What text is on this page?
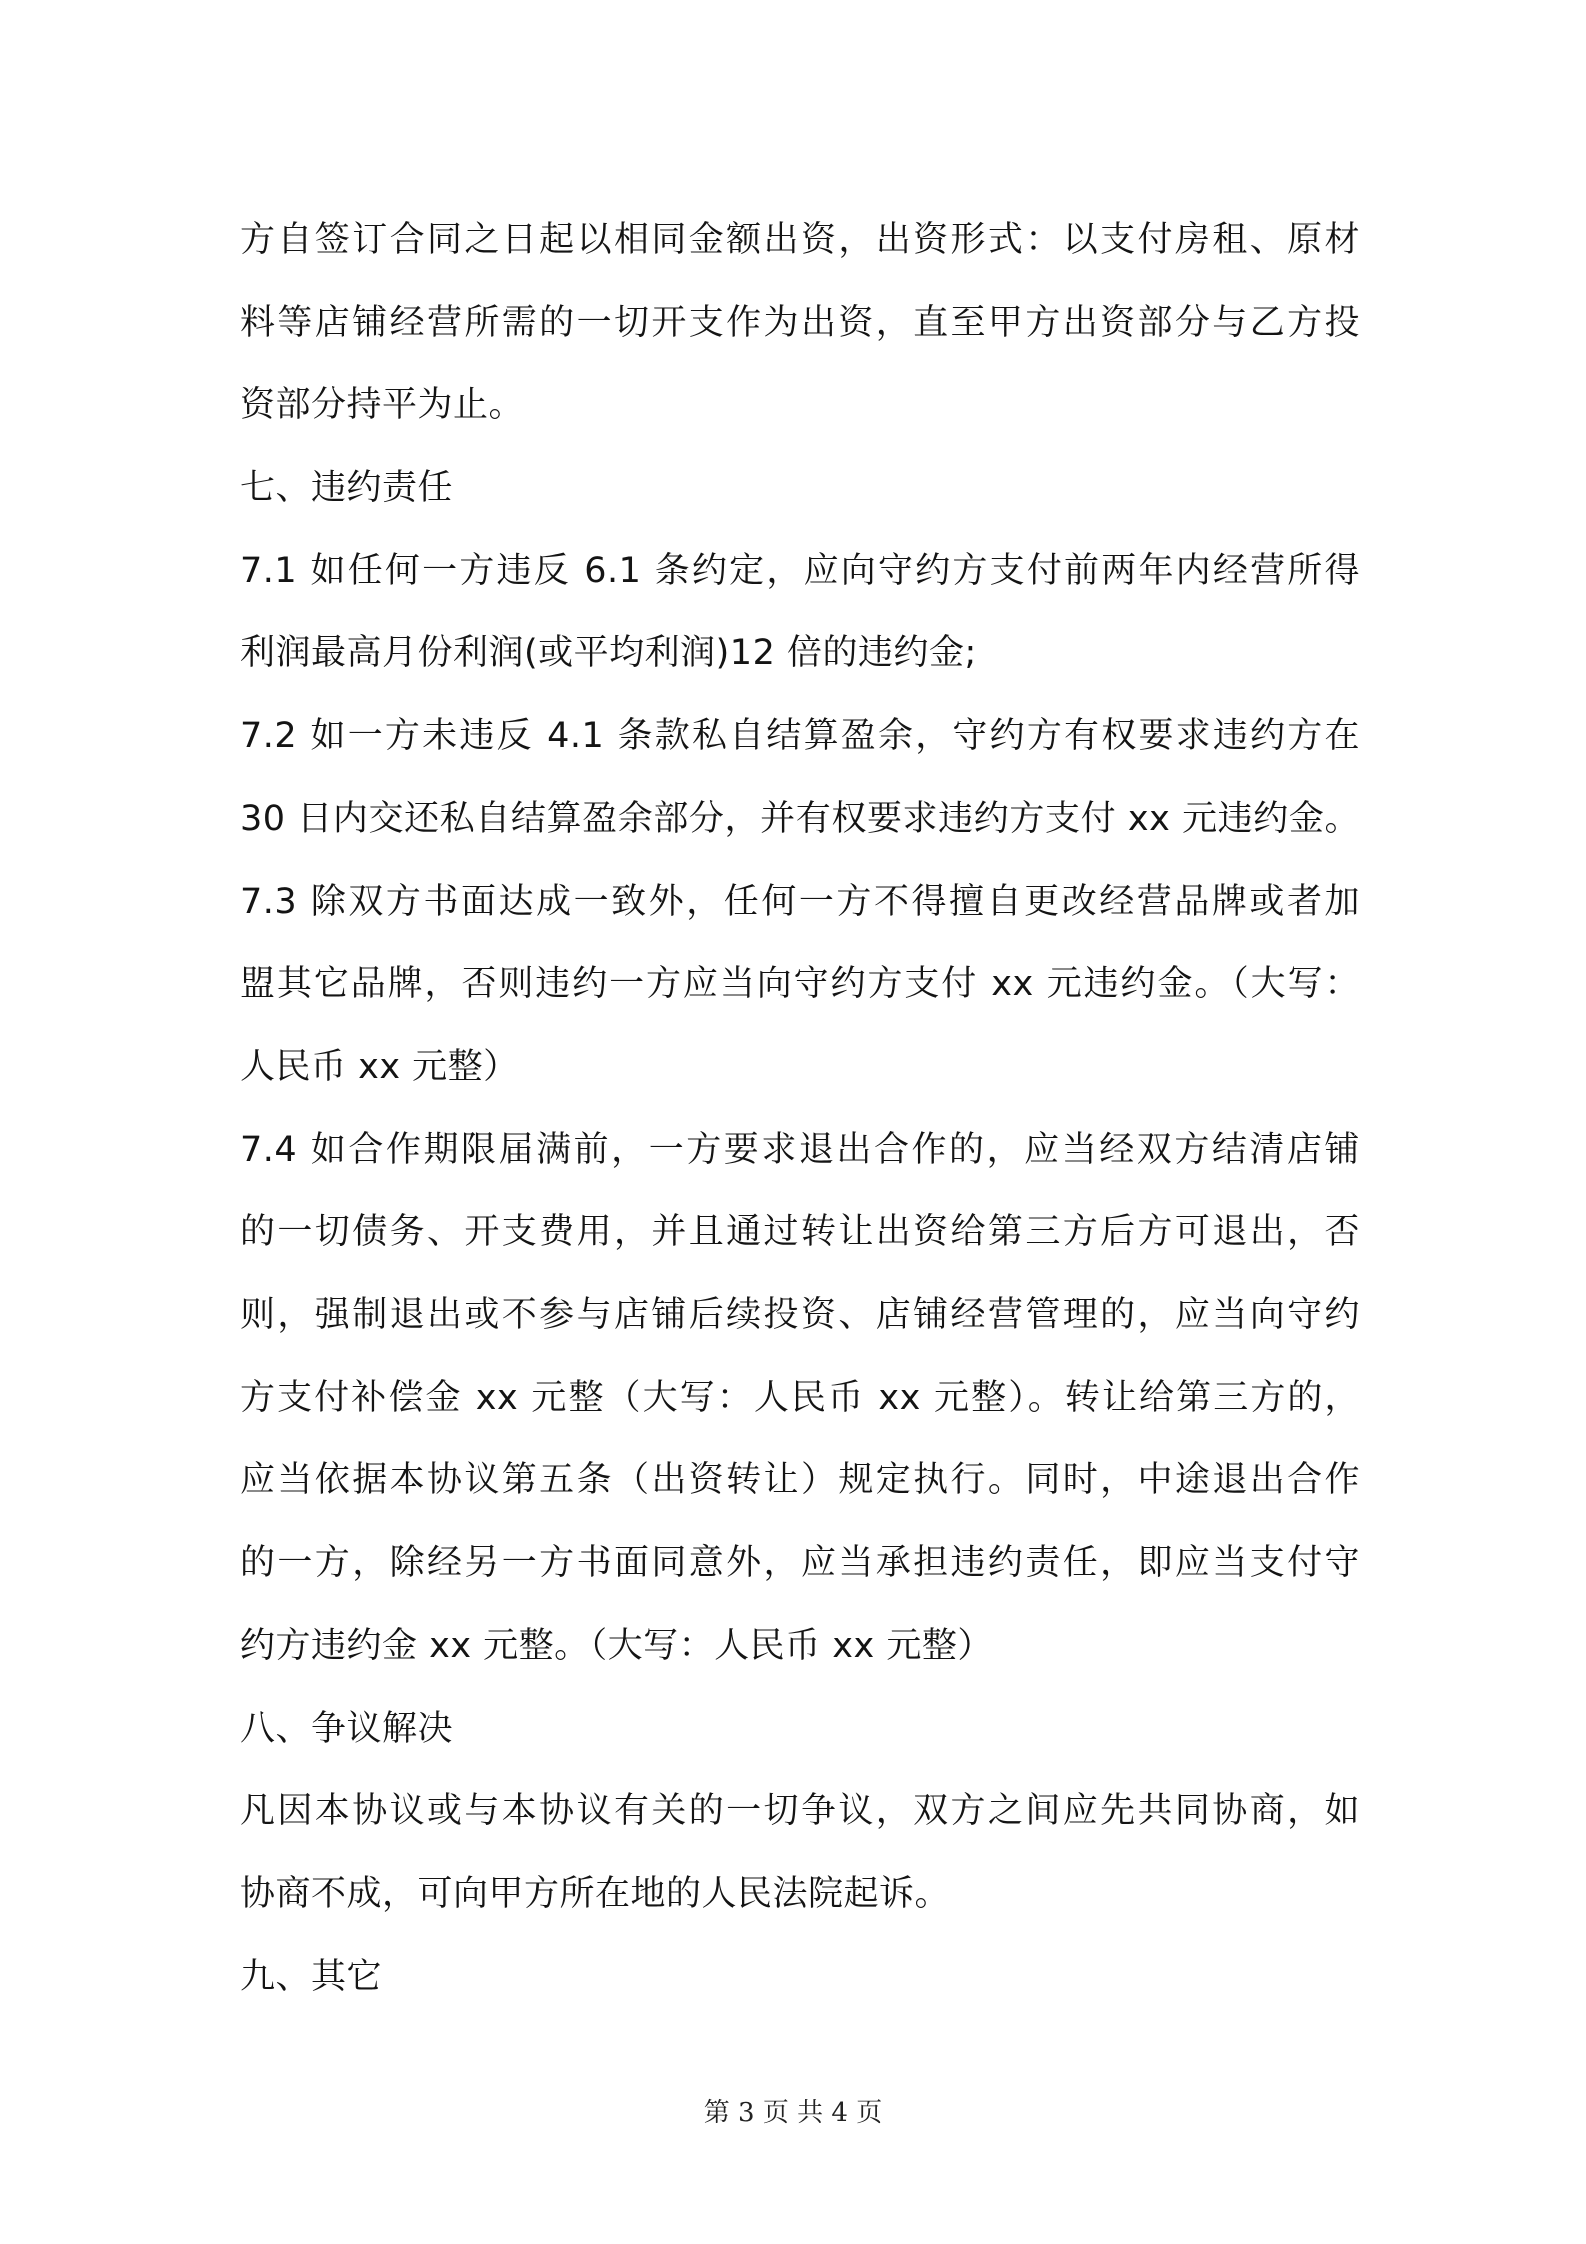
方自签订合同之日起以相同金额出资，出资形式：以支付房租、原材
料等店铺经营所需的一切开支作为出资，直至甲方出资部分与乙方投
资部分持平为止。
七、违约责任
7.1 如任何一方违反 6.1 条约定，应向守约方支付前两年内经营所得
利润最高月份利润(或平均利润)12 倍的违约金;
7.2 如一方未违反 4.1 条款私自结算盈余，守约方有权要求违约方在
30 日内交还私自结算盈余部分，并有权要求违约方支付 xx 元违约金。
7.3 除双方书面达成一致外，任何一方不得擅自更改经营品牌或者加
盟其它品牌，否则违约一方应当向守约方支付 xx 元违约金。（大写：
人民币 xx 元整）
7.4 如合作期限届满前，一方要求退出合作的，应当经双方结清店铺
的一切债务、开支费用，并且通过转让出资给第三方后方可退出，否
则，强制退出或不参与店铺后续投资、店铺经营管理的，应当向守约
方支付补偿金 xx 元整（大写：人民币 xx 元整）。转让给第三方的，
应当依据本协议第五条（出资转让）规定执行。同时，中途退出合作
的一方，除经另一方书面同意外，应当承担违约责任，即应当支付守
约方违约金 xx 元整。（大写：人民币 xx 元整）
八、争议解决
凡因本协议或与本协议有关的一切争议，双方之间应先共同协商，如
协商不成，可向甲方所在地的人民法院起诉。
九、其它
第 3 页 共 4 页
